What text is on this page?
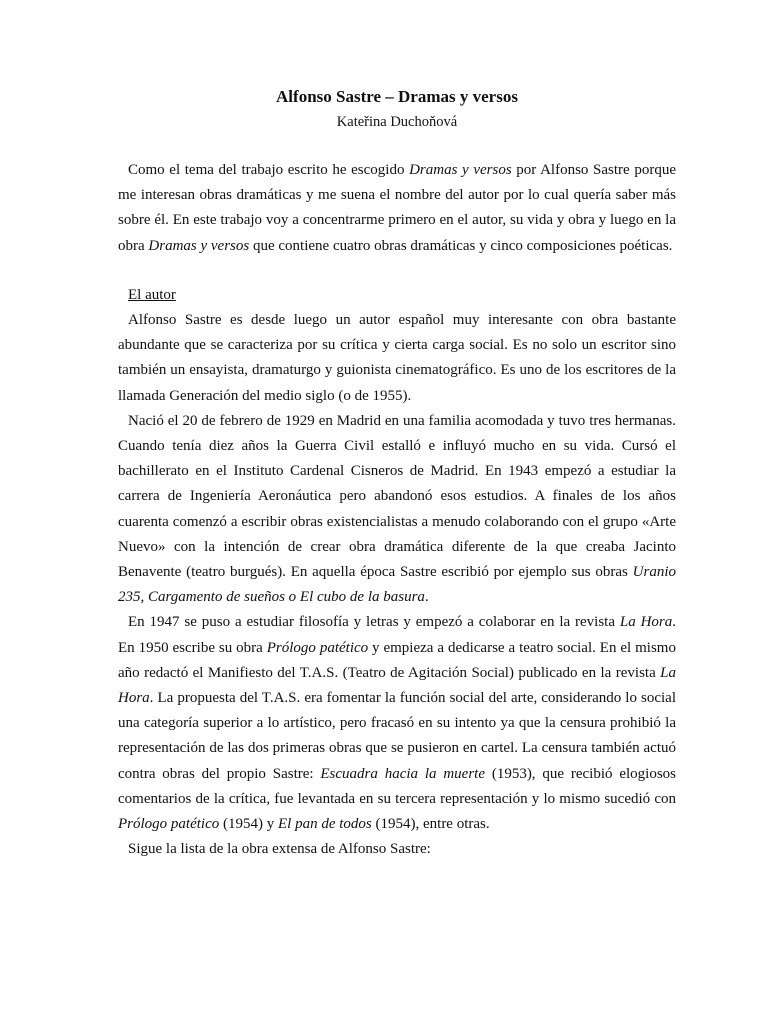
Alfonso Sastre – Dramas y versos
Kateřina Duchoňová

Como el tema del trabajo escrito he escogido Dramas y versos por Alfonso Sastre porque me interesan obras dramáticas y me suena el nombre del autor por lo cual quería saber más sobre él. En este trabajo voy a concentrarme primero en el autor, su vida y obra y luego en la obra Dramas y versos que contiene cuatro obras dramáticas y cinco composiciones poéticas.

El autor

Alfonso Sastre es desde luego un autor español muy interesante con obra bastante abundante que se caracteriza por su crítica y cierta carga social. Es no solo un escritor sino también un ensayista, dramaturgo y guionista cinematográfico. Es uno de los escritores de la llamada Generación del medio siglo (o de 1955).

Nació el 20 de febrero de 1929 en Madrid en una familia acomodada y tuvo tres hermanas. Cuando tenía diez años la Guerra Civil estalló e influyó mucho en su vida. Cursó el bachillerato en el Instituto Cardenal Cisneros de Madrid. En 1943 empezó a estudiar la carrera de Ingeniería Aeronáutica pero abandonó esos estudios. A finales de los años cuarenta comenzó a escribir obras existencialistas a menudo colaborando con el grupo «Arte Nuevo» con la intención de crear obra dramática diferente de la que creaba Jacinto Benavente (teatro burgués). En aquella época Sastre escribió por ejemplo sus obras Uranio 235, Cargamento de sueños o El cubo de la basura.

En 1947 se puso a estudiar filosofía y letras y empezó a colaborar en la revista La Hora. En 1950 escribe su obra Prólogo patético y empieza a dedicarse a teatro social. En el mismo año redactó el Manifiesto del T.A.S. (Teatro de Agitación Social) publicado en la revista La Hora. La propuesta del T.A.S. era fomentar la función social del arte, considerando lo social una categoría superior a lo artístico, pero fracasó en su intento ya que la censura prohibió la representación de las dos primeras obras que se pusieron en cartel. La censura también actuó contra obras del propio Sastre: Escuadra hacia la muerte (1953), que recibió elogiosos comentarios de la crítica, fue levantada en su tercera representación y lo mismo sucedió con Prólogo patético (1954) y El pan de todos (1954), entre otras.

Sigue la lista de la obra extensa de Alfonso Sastre:
